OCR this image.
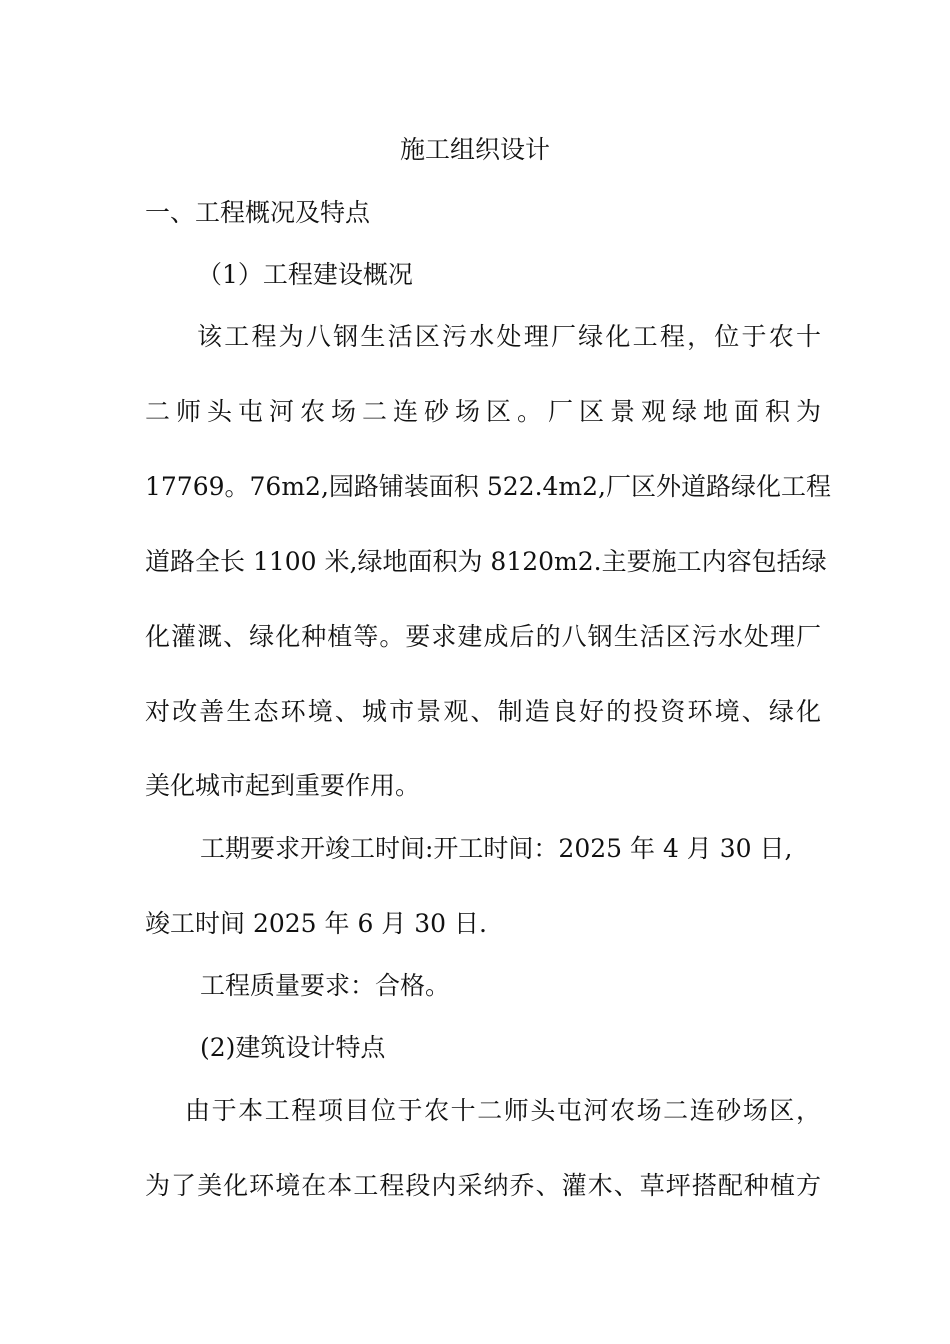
施工组织设计
一、工程概况及特点
（1）工程建设概况
该工程为八钢生活区污水处理厂绿化工程，位于农十
二师头屯河农场二连砂场区。厂区景观绿地面积为
17769。76m2,园路铺装面积 522.4m2,厂区外道路绿化工程
道路全长 1100 米,绿地面积为 8120m2.主要施工内容包括绿
化灌溉、绿化种植等。要求建成后的八钢生活区污水处理厂
对改善生态环境、城市景观、制造良好的投资环境、绿化
美化城市起到重要作用。
工期要求开竣工时间:开工时间：2025 年 4 月 30 日,
竣工时间 2025 年 6 月 30 日.
工程质量要求：合格。
(2)建筑设计特点
由于本工程项目位于农十二师头屯河农场二连砂场区，
为了美化环境在本工程段内采纳乔、灌木、草坪搭配种植方
